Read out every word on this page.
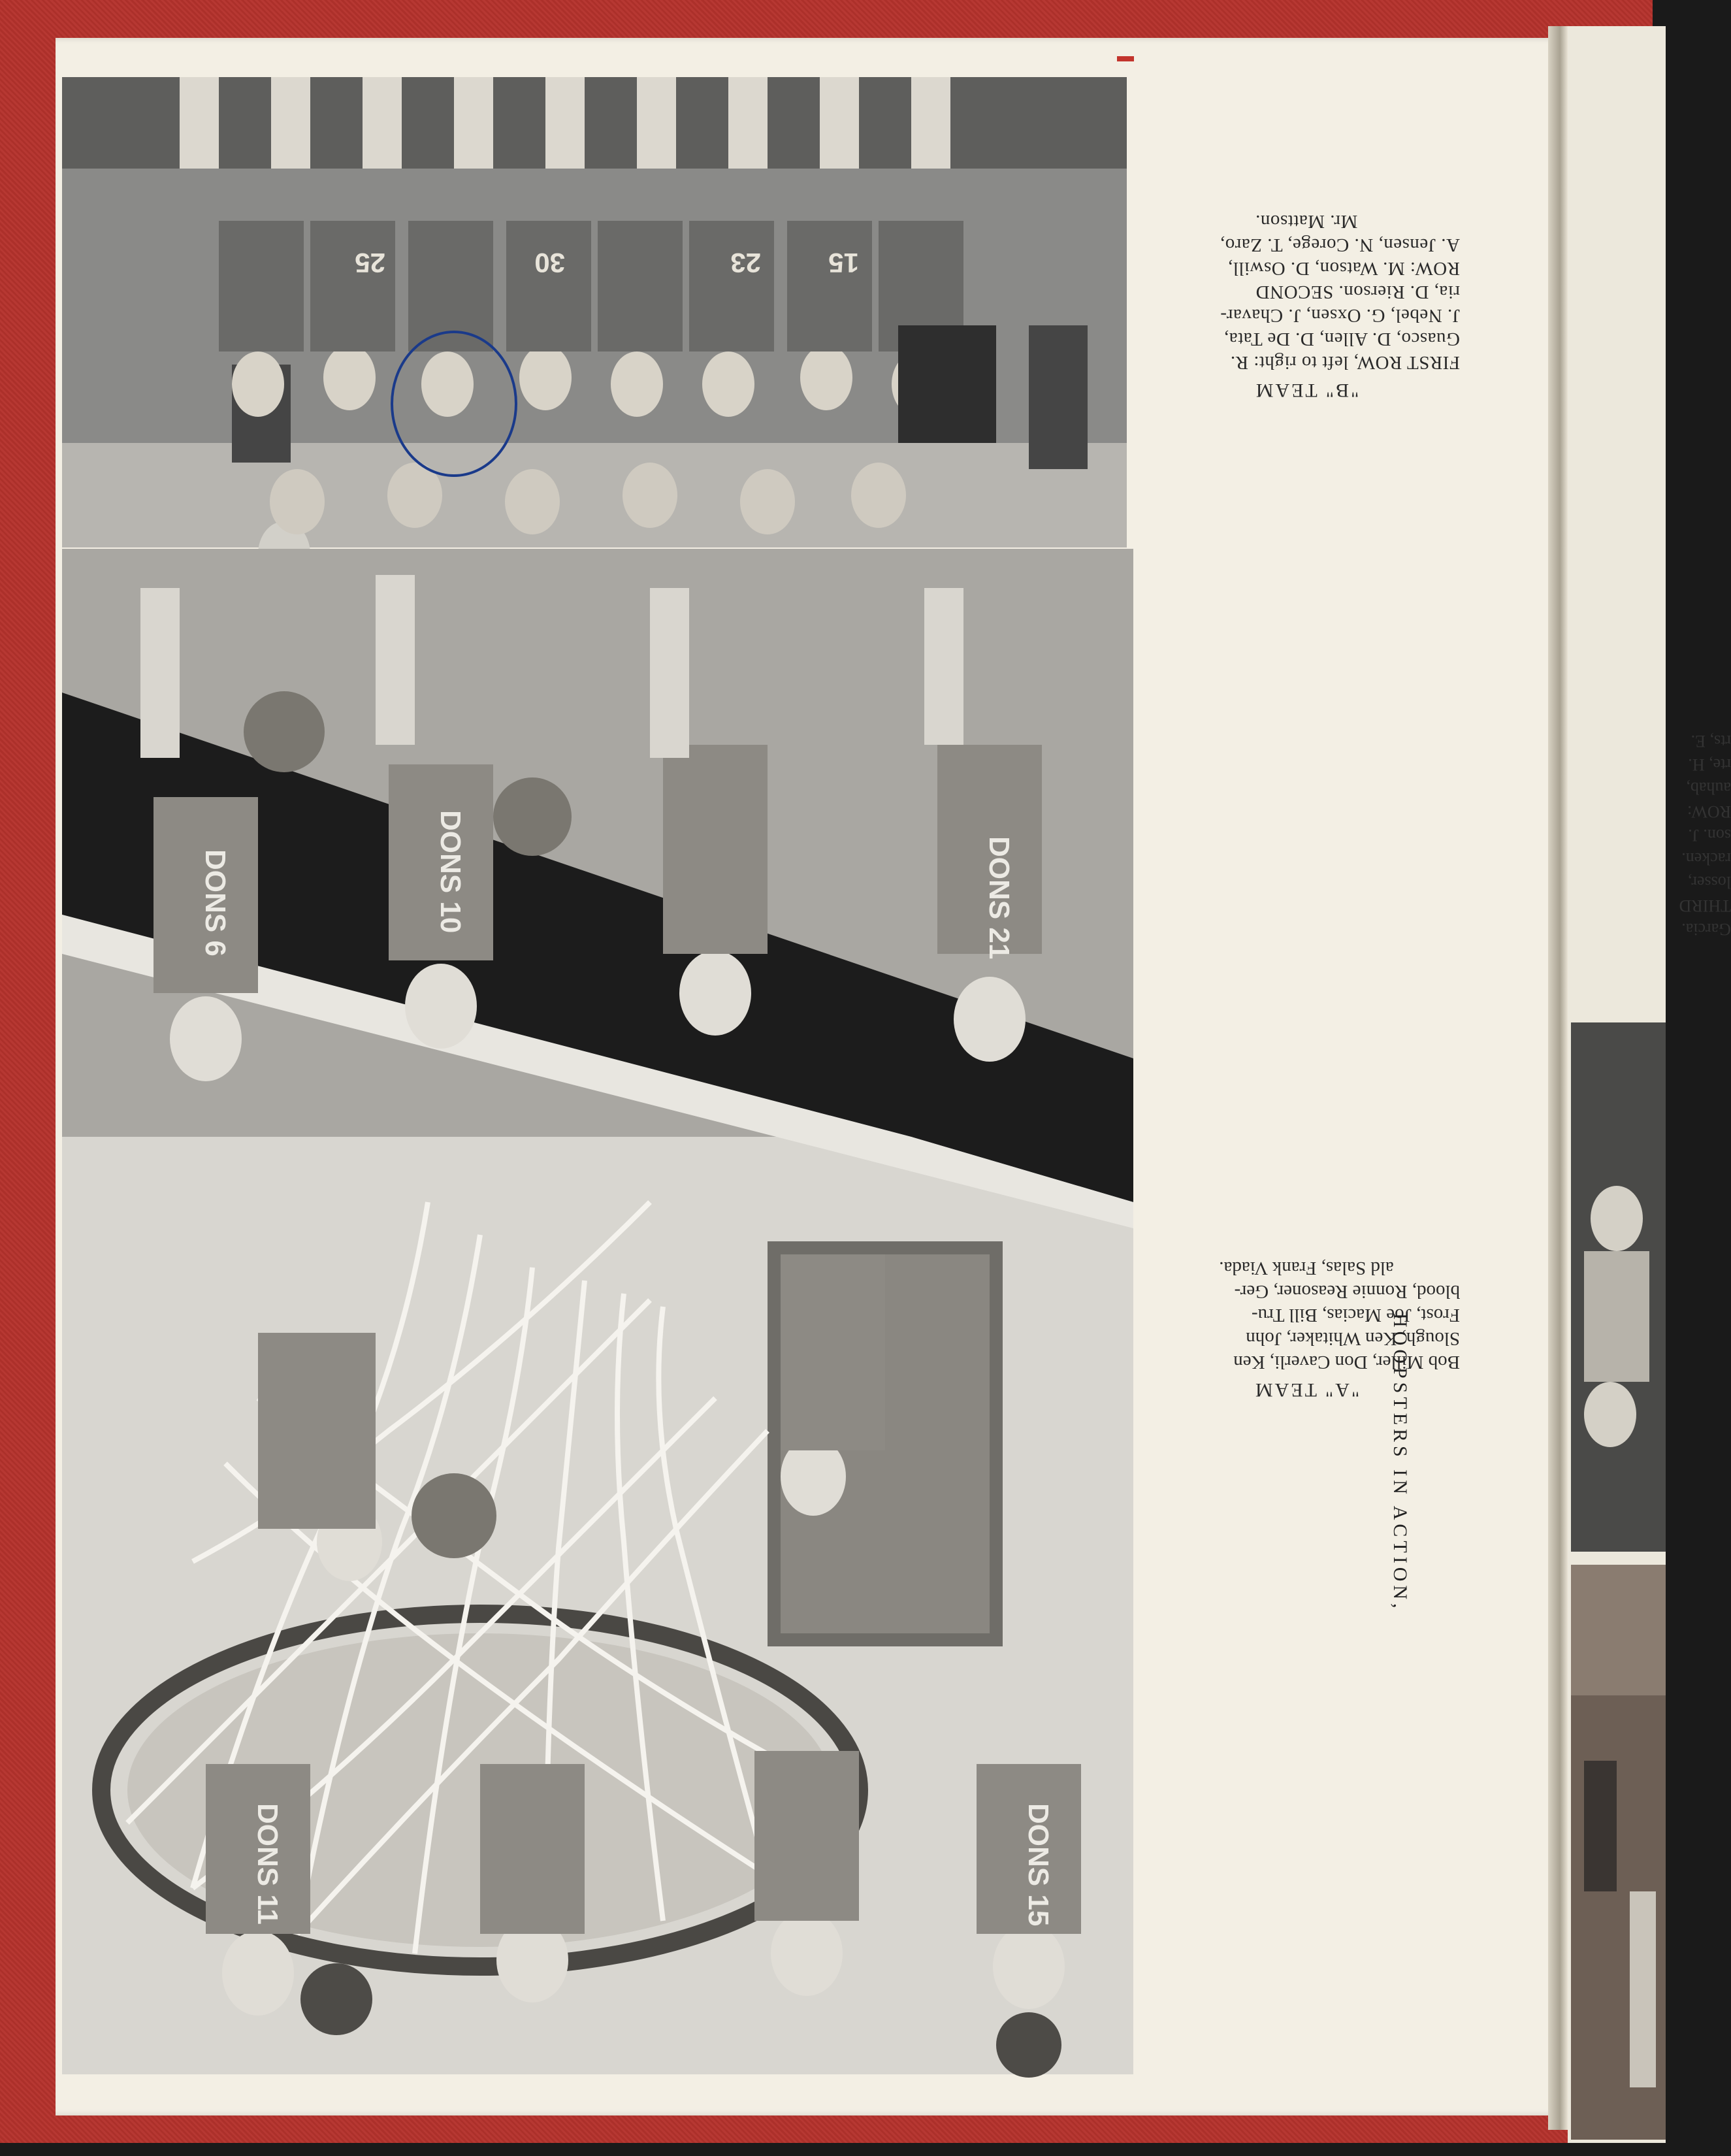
25	30	23 15
DONS 21
DONS 11	DONS 15
DONS 10
DONS 6

"B" TEAM

FIRST ROW, left to right: R.

Guasco, D. Allen, D. De Tata,

J. Nebel, G. Oxsen, J. Chavar-

ria, D. Rierson. SECOND

ROW: M. Watson, D. Oswill,

A. Jensen, N. Corege, T. Zaro,

Mr. Mattson.

"A" TEAM

Bob Miller, Don Caverli, Ken

Slough, Ken Whitaker, John

Frost, Joe Macias, Bill Tru-

blood, Ronnie Reasoner, Ger-

ald Salas, Frank Viada.

HOOPSTERS IN ACTION,
Garcia.
THIRD
losser,
racken.
son. J.
ROW:
auhab,
rte, H.
rts, E.
